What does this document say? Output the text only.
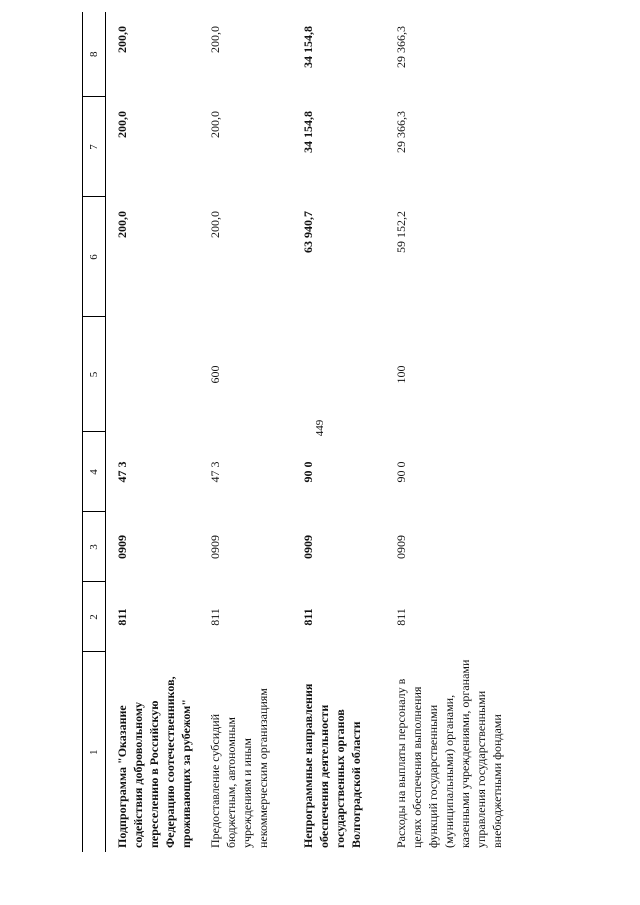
449
1	2	3	4	5	6	7	8
Подпрограмма "Оказание содействия добровольному переселению в Российскую Федерацию соотечественников, проживающих за рубежом"	811	0909	47 3		200,0	200,0	200,0
Предоставление субсидий бюджетным, автономным учреждениям и иным некоммерческим организациям	811	0909	47 3	600	200,0	200,0	200,0
Непрограммные направления обеспечения деятельности государственных органов Волгоградской области	811	0909	90 0		63 940,7	34 154,8	34 154,8
Расходы на выплаты персоналу в целях обеспечения выполнения функций государственными (муниципальными) органами, казенными учреждениями, органами управления государственными внебюджетными фондами	811	0909	90 0	100	59 152,2	29 366,3	29 366,3
